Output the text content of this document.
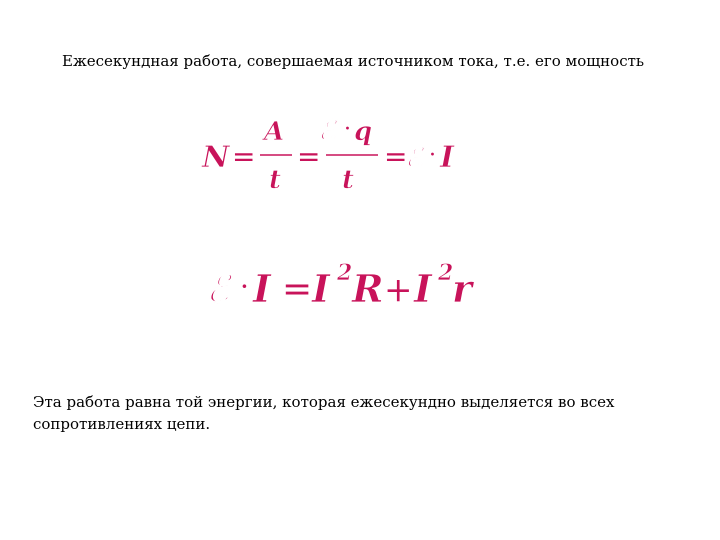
Ежесекундная работа, совершаемая источником тока, т.е. его мощность
N =
A
t
=
ℰ · q
t
=
ℰ · I
ℰ · I = I 2 R + I 2
r
Эта работа равна той энергии, которая ежесекундно выделяется во всех сопротивлениях цепи.
